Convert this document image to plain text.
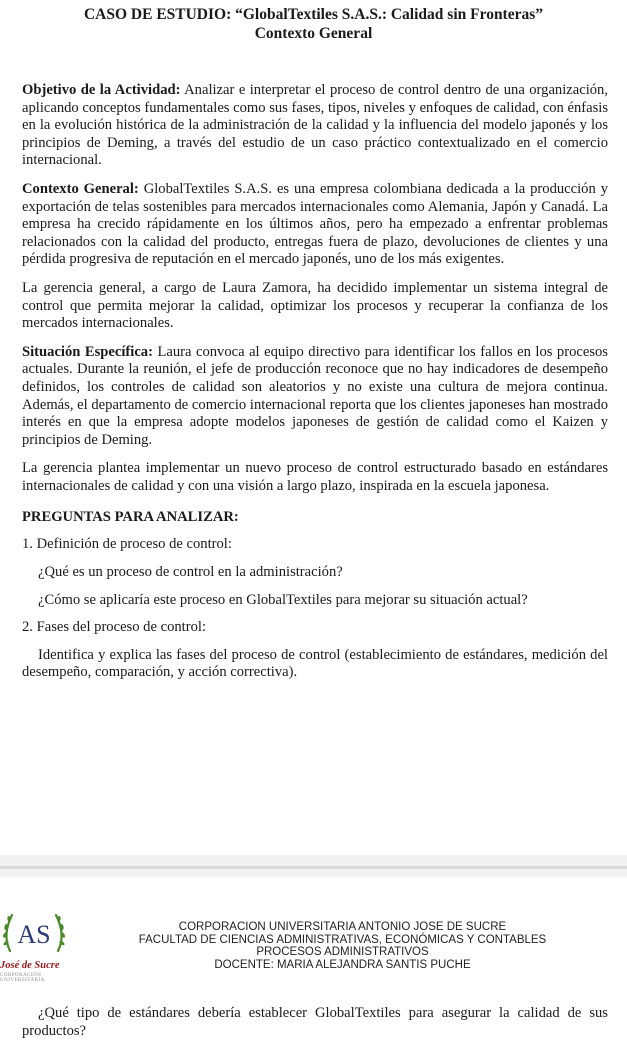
CASO DE ESTUDIO: “GlobalTextiles S.A.S.: Calidad sin Fronteras”
Contexto General

Objetivo de la Actividad: Analizar e interpretar el proceso de control dentro de una organización, aplicando conceptos fundamentales como sus fases, tipos, niveles y enfoques de calidad, con énfasis en la evolución histórica de la administración de la calidad y la influencia del modelo japonés y los principios de Deming, a través del estudio de un caso práctico contextualizado en el comercio internacional.

Contexto General: GlobalTextiles S.A.S. es una empresa colombiana dedicada a la producción y exportación de telas sostenibles para mercados internacionales como Alemania, Japón y Canadá. La empresa ha crecido rápidamente en los últimos años, pero ha empezado a enfrentar problemas relacionados con la calidad del producto, entregas fuera de plazo, devoluciones de clientes y una pérdida progresiva de reputación en el mercado japonés, uno de los más exigentes.

La gerencia general, a cargo de Laura Zamora, ha decidido implementar un sistema integral de control que permita mejorar la calidad, optimizar los procesos y recuperar la confianza de los mercados internacionales.

Situación Específica: Laura convoca al equipo directivo para identificar los fallos en los procesos actuales. Durante la reunión, el jefe de producción reconoce que no hay indicadores de desempeño definidos, los controles de calidad son aleatorios y no existe una cultura de mejora continua. Además, el departamento de comercio internacional reporta que los clientes japoneses han mostrado interés en que la empresa adopte modelos japoneses de gestión de calidad como el Kaizen y principios de Deming.

La gerencia plantea implementar un nuevo proceso de control estructurado basado en estándares internacionales de calidad y con una visión a largo plazo, inspirada en la escuela japonesa.

PREGUNTAS PARA ANALIZAR:
1. Definición de proceso de control:
¿Qué es un proceso de control en la administración?
¿Cómo se aplicaría este proceso en GlobalTextiles para mejorar su situación actual?
2. Fases del proceso de control:
Identifica y explica las fases del proceso de control (establecimiento de estándares, medición del desempeño, comparación, y acción correctiva).
AS
José de Sucre
CORPORACIÓN UNIVERSITARIA
CORPORACION UNIVERSITARIA ANTONIO JOSE DE SUCRE
FACULTAD DE CIENCIAS ADMINISTRATIVAS, ECONÓMICAS Y CONTABLES
PROCESOS ADMINISTRATIVOS
DOCENTE: MARIA ALEJANDRA SANTIS PUCHE
¿Qué tipo de estándares debería establecer GlobalTextiles para asegurar la calidad de sus productos?
